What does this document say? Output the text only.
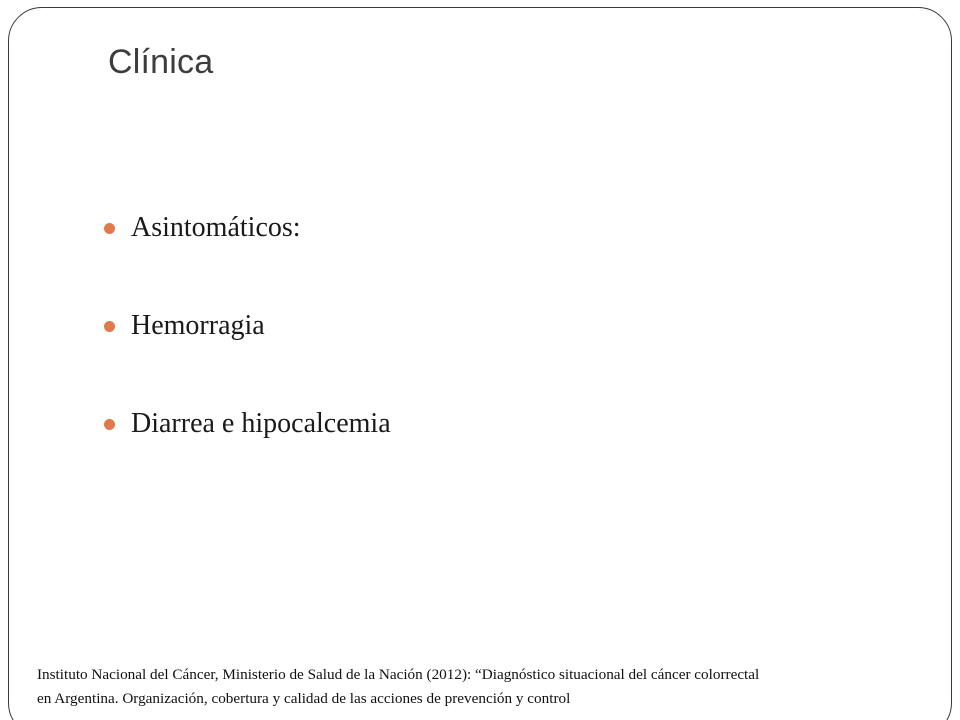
Clínica
Asintomáticos:
Hemorragia
Diarrea e hipocalcemia

Instituto Nacional del Cáncer, Ministerio de Salud de la Nación (2012): “Diagnóstico situacional del cáncer colorrectal
en Argentina. Organización, cobertura y calidad de las acciones de prevención y control
